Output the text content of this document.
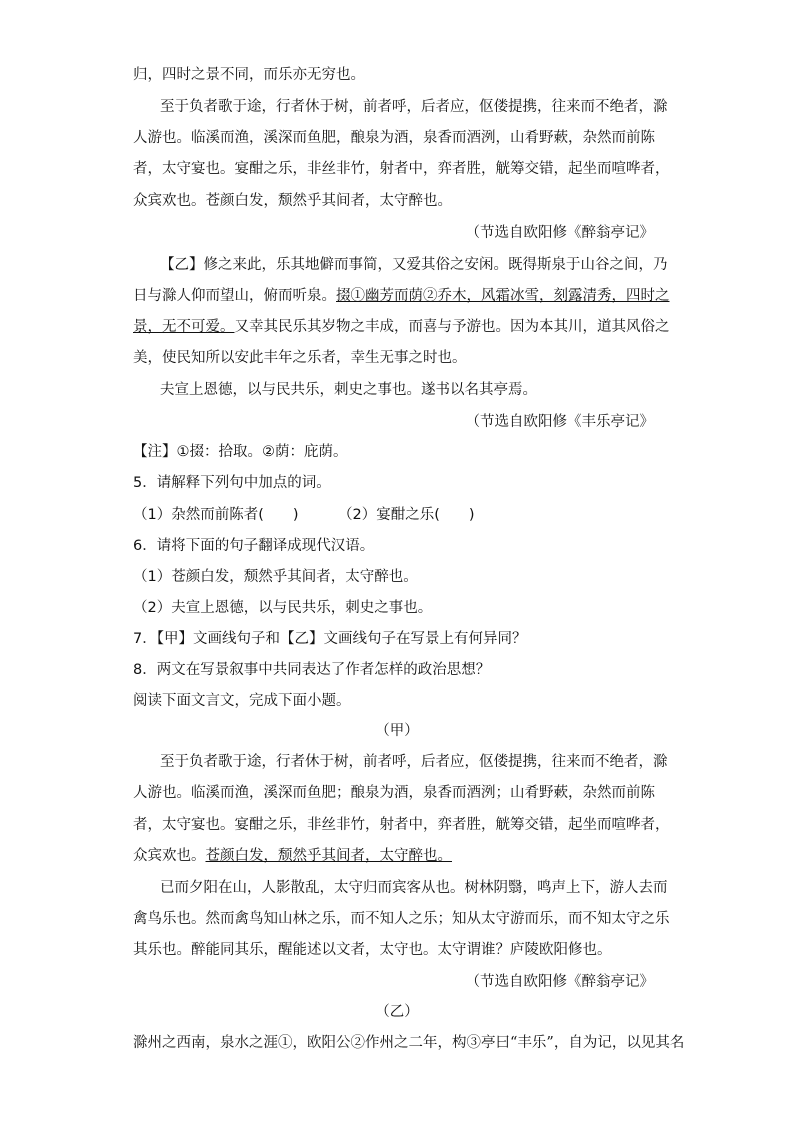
归，四时之景不同，而乐亦无穷也。
至于负者歌于途，行者休于树，前者呼，后者应，伛偻提携，往来而不绝者，滁
人游也。临溪而渔，溪深而鱼肥，酿泉为酒，泉香而酒洌，山肴野蔌，杂然而前陈
者，太守宴也。宴酣之乐，非丝非竹，射者中，弈者胜，觥筹交错，起坐而喧哗者，
众宾欢也。苍颜白发，颓然乎其间者，太守醉也。
（节选自欧阳修《醉翁亭记》
【乙】修之来此，乐其地僻而事简，又爱其俗之安闲。既得斯泉于山谷之间，乃
日与滁人仰而望山，俯而听泉。掇①幽芳而荫②乔木，风霜冰雪，刻露清秀，四时之
景，无不可爱。又幸其民乐其岁物之丰成，而喜与予游也。因为本其川，道其风俗之
美，使民知所以安此丰年之乐者，幸生无事之时也。
夫宣上恩德，以与民共乐，刺史之事也。遂书以名其亭焉。
（节选自欧阳修《丰乐亭记》
【注】①掇：拾取。②荫：庇荫。
5．请解释下列句中加点的词。
（1）杂然而前陈者(　　)	（2）宴酣之乐(　　)
6．请将下面的句子翻译成现代汉语。
（1）苍颜白发，颓然乎其间者，太守醉也。
（2）夫宣上恩德，以与民共乐，刺史之事也。
7．【甲】文画线句子和【乙】文画线句子在写景上有何异同？
8．两文在写景叙事中共同表达了作者怎样的政治思想？
阅读下面文言文，完成下面小题。
（甲）
至于负者歌于途，行者休于树，前者呼，后者应，伛偻提携，往来而不绝者，滁
人游也。临溪而渔，溪深而鱼肥；酿泉为酒，泉香而酒洌；山肴野蔌，杂然而前陈
者，太守宴也。宴酣之乐，非丝非竹，射者中，弈者胜，觥筹交错，起坐而喧哗者，
众宾欢也。苍颜白发，颓然乎其间者，太守醉也。
已而夕阳在山，人影散乱，太守归而宾客从也。树林阴翳，鸣声上下，游人去而
禽鸟乐也。然而禽鸟知山林之乐，而不知人之乐；知从太守游而乐，而不知太守之乐
其乐也。醉能同其乐，醒能述以文者，太守也。太守谓谁？庐陵欧阳修也。
（节选自欧阳修《醉翁亭记》
（乙）
滁州之西南，泉水之涯①，欧阳公②作州之二年，构③亭曰“丰乐”，自为记，以见其名
